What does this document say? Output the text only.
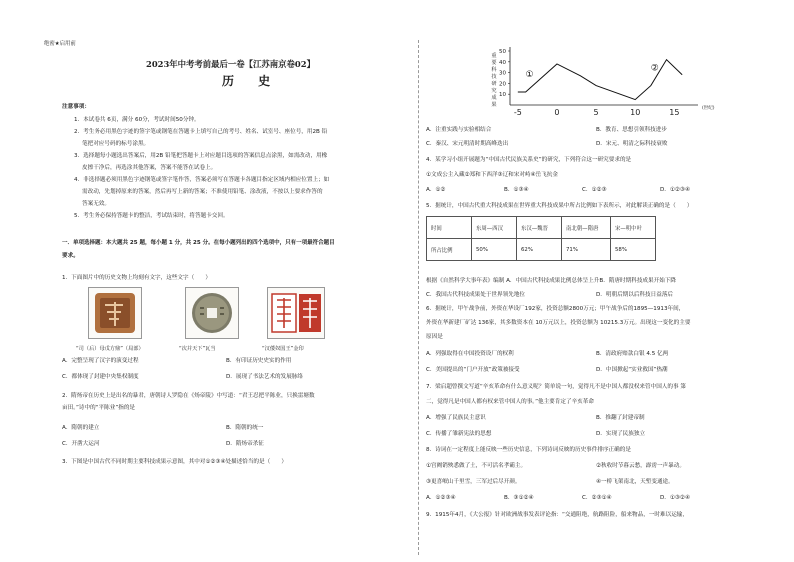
绝密★启用前
2023年中考考前最后一卷【江苏南京卷02】
历 史
注意事项：
1．本试卷共 6页，满分 60分，考试时间50分钟。
2．考生务必用黑色字迹的签字笔或钢笔在答题卡上填写自己的考号、姓名、试室号、座位号，用2B 铅
笔把对应号码的标号涂黑。
3．选择题每小题选出答案后，用2B 铅笔把答题卡上对应题目选项的答案信息点涂黑，如需改动，用橡
皮擦干净后，再选涂其他答案，答案不能答在试卷上。
4．非选择题必须用黑色字迹钢笔或签字笔作答，答案必须写在答题卡各题目指定区域内相应位置上；如
需改动，先划掉原来的答案，然后再写上新的答案；不准使用铅笔、涂改液，不按以上要求作答的
答案无效。
5．考生务必保持答题卡的整洁，考试结束时，将答题卡交回。
一．单项选择题：本大题共 25 题，每小题 1 分，共 25 分。在每小题列出的四个选项中，只有一项最符合题目
要求。
1．下面图片中的历史文物上均刻有文字，这些文字（　　）
“司（后）母戊方鼎”（局部）	“次并天下”瓦当	“汉倭奴国王”金印
A．完整呈现了汉字的演变过程	B．有印证历史史实的作用
C．都体现了封建中央集权制度	D．展现了书法艺术的发展脉络
2．隋炀帝在历史上是出名的暴君，唐朝诗人罗隐在《炀帝陵》中写道：“君王忍把平陈业，只换雷塘数
亩田。”诗中的“平陈业”指的是
A．隋朝的建立	B．隋朝的统一
C．开凿大运河	D．隋炀帝杀征
3．下图是中国古代不同时期主要科技成果示意图，其中对①②③④处描述恰当的是（　　）
10
20
30
40
50
-5	0	5	10	15	(世纪)
重
要
科
技
研
究
成
果
①
②
A．注重实践与实验相结合	B．教育、思想引领科技进步
C．秦汉、宋元明清时期高峰迭出	D．宋元、明清之际科技衰败
4．某学习小组开展题为“中国古代民族关系史”的研究，下列符合这一研究要求的是
①文成公主入藏②郑和下西洋③辽和宋对峙④岳飞抗金
A．①②	B．①③④	C．①②③	D．①②③④
5．据统计，中国古代重大科技成果在世界重大科技成果中所占比例如下表所示，对此解读正确的是（　　）
时间	东周—西汉	东汉—魏晋	南北朝—隋唐	宋—明中叶
所占比例	50%	62%	71%	58%
根据《自然科学大事年表》编制 A．中国古代科技成果比例总体呈上升B．隋唐时期科技成果开始下降
C．我国古代科技成果处于世界领先地位	D．明朝后期以后科技日益落后
6．据统计，甲午战争前，外资在华设厂192家，投资总额2800万元；甲午战争后的1895—1913年间，
外资在华新建厂矿达 136家，其多数资本在 10万元以上，投资总额为 10215.3万元。出现这一变化的主要
原因是
A．列强取得在中国投资设厂的权利	B．清政府赔款白银 4.5 亿两
C．美国提出的“门户开放”政策被接受	D．中国掀起“实业救国”热潮
7．梁启超曾撰文写道“辛亥革命有什么意义呢？简单说一句，觉得凡不是中国人都没权来管中国人的事 第
二，觉得凡是中国人都有权来管中国人的事。”他主要肯定了辛亥革命
A．增强了民族民主意识	B．推翻了封建帝制
C．传播了雏新宪法的思想	D．实现了民族独立
8．诗词在一定程度上能反映一些历史信息，下列诗词反映的历史事件排序正确的是
①宫阙销殃悉做了土，不可活名孝霸主。	②秋收时节暮云愁，霹雳一声暴动。
③更喜岷山千里雪，三军过后尽开颜。	④一桥飞架南北，天堑变通途。
A．①②③④	B．③①②④	C．②③①④	D．①③②④
9．1915年4月，《大公报》针对欧洲战事发表评论指：“交通阻绝，航路阻险，船来物品，一时难以运输，
